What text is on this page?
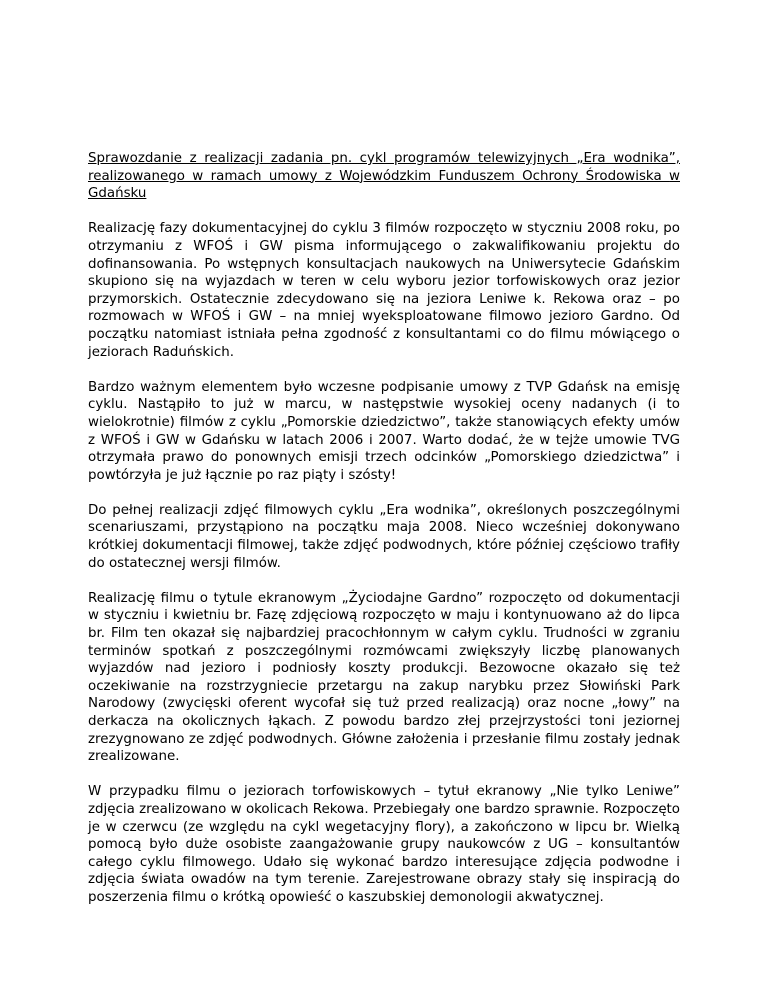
Sprawozdanie z realizacji zadania pn. cykl programów telewizyjnych „Era wodnika”, realizowanego w ramach umowy z Wojewódzkim Funduszem Ochrony Środowiska w Gdańsku

Realizację fazy dokumentacyjnej do cyklu 3 filmów rozpoczęto w styczniu 2008 roku, po otrzymaniu z WFOŚ i GW pisma informującego o zakwalifikowaniu projektu do dofinansowania. Po wstępnych konsultacjach naukowych na Uniwersytecie Gdańskim skupiono się na wyjazdach w teren w celu wyboru jezior torfowiskowych oraz jezior przymorskich. Ostatecznie zdecydowano się na jeziora Leniwe k. Rekowa oraz – po rozmowach w WFOŚ i GW – na mniej wyeksploatowane filmowo jezioro Gardno. Od początku natomiast istniała pełna zgodność z konsultantami co do filmu mówiącego o jeziorach Raduńskich.

Bardzo ważnym elementem było wczesne podpisanie umowy z TVP Gdańsk na emisję cyklu. Nastąpiło to już w marcu, w następstwie wysokiej oceny nadanych (i to wielokrotnie) filmów z cyklu „Pomorskie dziedzictwo”, także stanowiących efekty umów z WFOŚ i GW w Gdańsku w latach 2006 i 2007. Warto dodać, że w tejże umowie TVG otrzymała prawo do ponownych emisji trzech odcinków „Pomorskiego dziedzictwa” i powtórzyła je już łącznie po raz piąty i szósty!

Do pełnej realizacji zdjęć filmowych cyklu „Era wodnika”, określonych poszczególnymi scenariuszami, przystąpiono na początku maja 2008. Nieco wcześniej dokonywano krótkiej dokumentacji filmowej, także zdjęć podwodnych, które później częściowo trafiły do ostatecznej wersji filmów.

Realizację filmu o tytule ekranowym „Życiodajne Gardno” rozpoczęto od dokumentacji w styczniu i kwietniu br. Fazę zdjęciową rozpoczęto w maju i kontynuowano aż do lipca br. Film ten okazał się najbardziej pracochłonnym w całym cyklu. Trudności w zgraniu terminów spotkań z poszczególnymi rozmówcami zwiększyły liczbę planowanych wyjazdów nad jezioro i podniosły koszty produkcji. Bezowocne okazało się też oczekiwanie na rozstrzygniecie przetargu na zakup narybku przez Słowiński Park Narodowy (zwycięski oferent wycofał się tuż przed realizacją) oraz nocne „łowy” na derkacza na okolicznych łąkach. Z powodu bardzo złej przejrzystości toni jeziornej zrezygnowano ze zdjęć podwodnych. Główne założenia i przesłanie filmu zostały jednak zrealizowane.

W przypadku filmu o jeziorach torfowiskowych – tytuł ekranowy „Nie tylko Leniwe” zdjęcia zrealizowano w okolicach Rekowa. Przebiegały one bardzo sprawnie. Rozpoczęto je w czerwcu (ze względu na cykl wegetacyjny flory), a zakończono w lipcu br. Wielką pomocą było duże osobiste zaangażowanie grupy naukowców z UG – konsultantów całego cyklu filmowego. Udało się wykonać bardzo interesujące zdjęcia podwodne i zdjęcia świata owadów na tym terenie. Zarejestrowane obrazy stały się inspiracją do poszerzenia filmu o krótką opowieść o kaszubskiej demonologii akwatycznej.
